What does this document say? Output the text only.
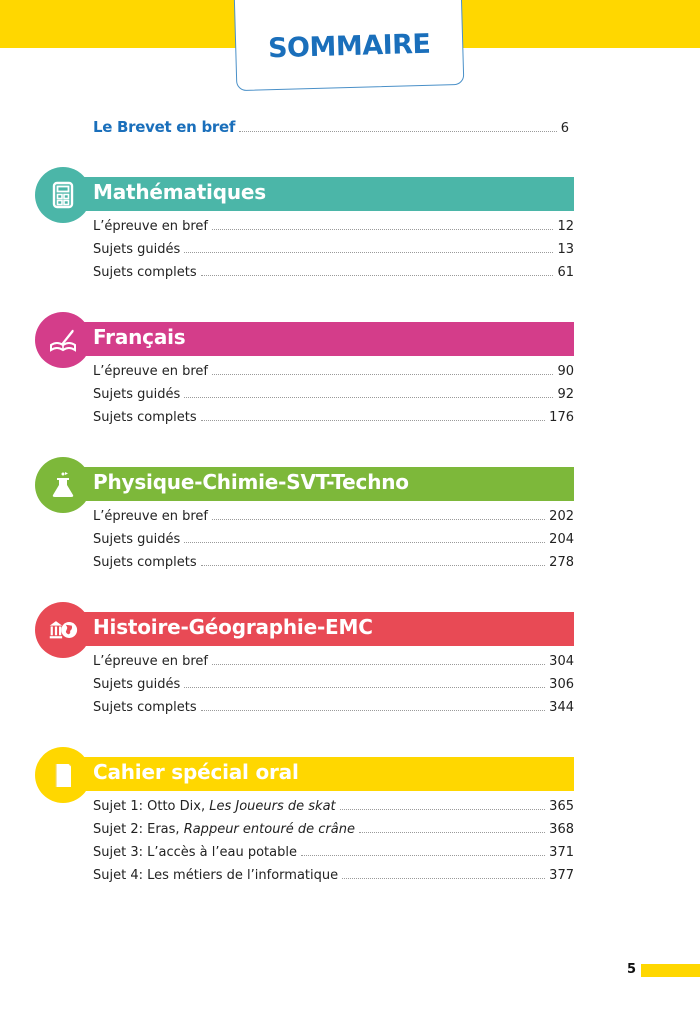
SOMMAIRE
Le Brevet en bref	6
Mathématiques
L’épreuve en bref	12
Sujets guidés	13
Sujets complets	61
Français
L’épreuve en bref	90
Sujets guidés	92
Sujets complets	176
Physique-Chimie-SVT-Techno
L’épreuve en bref	202
Sujets guidés	204
Sujets complets	278
Histoire-Géographie-EMC
L’épreuve en bref	304
Sujets guidés	306
Sujets complets	344
Cahier spécial oral
Sujet 1: Otto Dix, Les Joueurs de skat	365
Sujet 2: Eras, Rappeur entouré de crâne	368
Sujet 3: L’accès à l’eau potable	371
Sujet 4: Les métiers de l’informatique	377
5
